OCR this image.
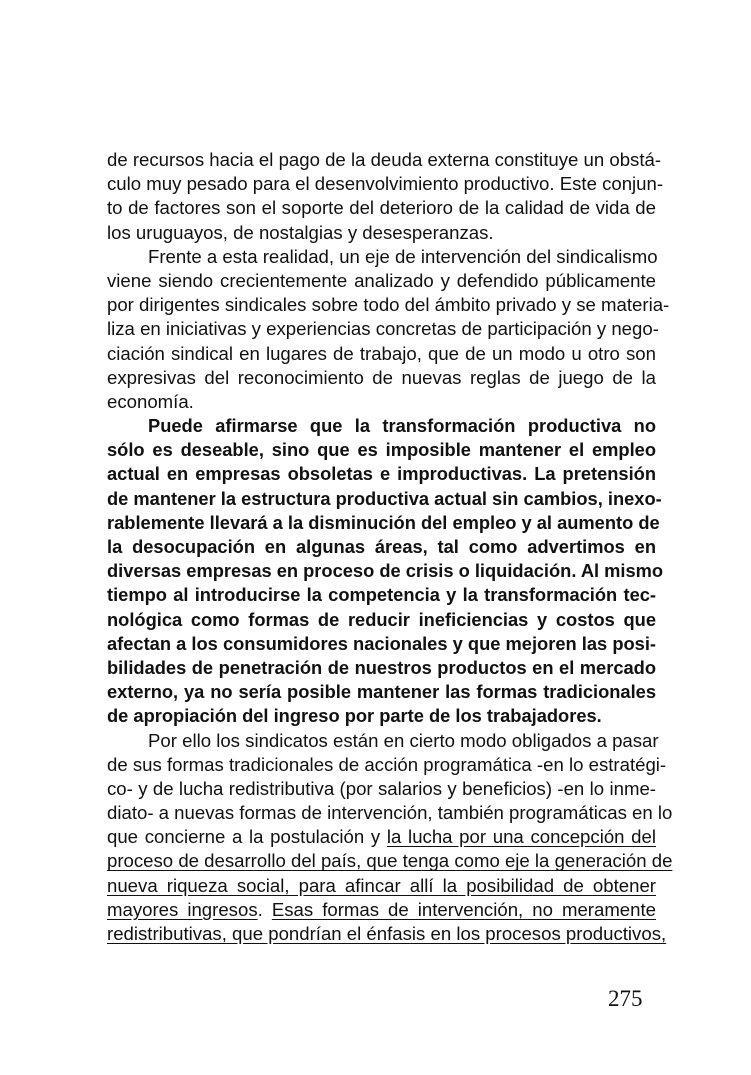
de recursos hacia el pago de la deuda externa constituye un obstá-
culo muy pesado para el desenvolvimiento productivo. Este conjun-
to de factores son el soporte del deterioro de la calidad de vida de
los uruguayos, de nostalgias y desesperanzas.
Frente a esta realidad, un eje de intervención del sindicalismo
viene siendo crecientemente analizado y defendido públicamente
por dirigentes sindicales sobre todo del ámbito privado y se materia-
liza en iniciativas y experiencias concretas de participación y nego-
ciación sindical en lugares de trabajo, que de un modo u otro son
expresivas del reconocimiento de nuevas reglas de juego de la
economía.
Puede afirmarse que la transformación productiva no
sólo es deseable, sino que es imposible mantener el empleo
actual en empresas obsoletas e improductivas. La pretensión
de mantener la estructura productiva actual sin cambios, inexo-
rablemente llevará a la disminución del empleo y al aumento de
la desocupación en algunas áreas, tal como advertimos en
diversas empresas en proceso de crisis o liquidación. Al mismo
tiempo al introducirse la competencia y la transformación tec-
nológica como formas de reducir ineficiencias y costos que
afectan a los consumidores nacionales y que mejoren las posi-
bilidades de penetración de nuestros productos en el mercado
externo, ya no sería posible mantener las formas tradicionales
de apropiación del ingreso por parte de los trabajadores.
Por ello los sindicatos están en cierto modo obligados a pasar
de sus formas tradicionales de acción programática -en lo estratégi-
co- y de lucha redistributiva (por salarios y beneficios) -en lo inme-
diato- a nuevas formas de intervención, también programáticas en lo
que concierne a la postulación y la lucha por una concepción del
proceso de desarrollo del país, que tenga como eje la generación de
nueva riqueza social, para afincar allí la posibilidad de obtener
mayores ingresos. Esas formas de intervención, no meramente
redistributivas, que pondrían el énfasis en los procesos productivos,
275
